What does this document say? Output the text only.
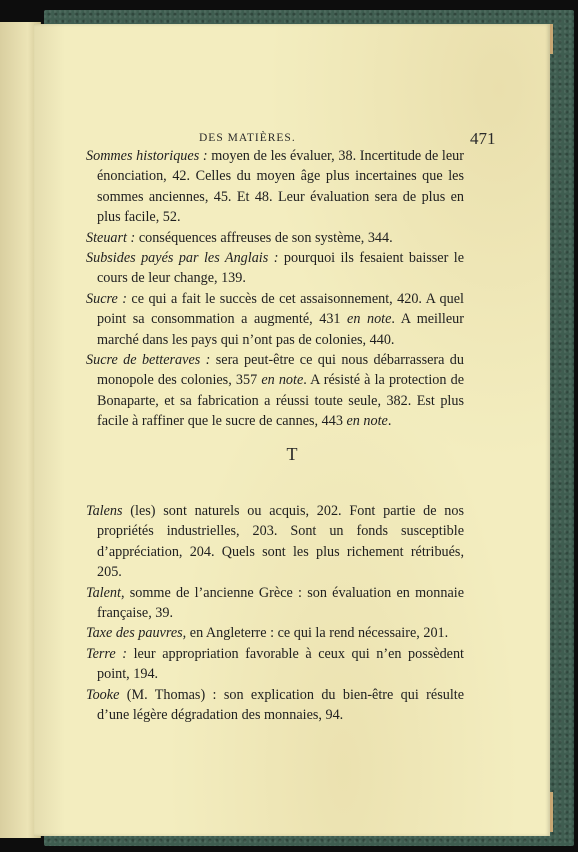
DES MATIÈRES.	471

Sommes historiques : moyen de les évaluer, 38. Incertitude de leur énonciation, 42. Celles du moyen âge plus incertaines que les sommes anciennes, 45. Et 48. Leur évaluation sera de plus en plus facile, 52.

Steuart : conséquences affreuses de son système, 344.

Subsides payés par les Anglais : pourquoi ils fesaient baisser le cours de leur change, 139.

Sucre : ce qui a fait le succès de cet assaisonnement, 420. A quel point sa consommation a augmenté, 431 en note. A meilleur marché dans les pays qui n’ont pas de colonies, 440.

Sucre de betteraves : sera peut-être ce qui nous débarrassera du monopole des colonies, 357 en note. A résisté à la protection de Bonaparte, et sa fabrication a réussi toute seule, 382. Est plus facile à raffiner que le sucre de cannes, 443 en note.

T

Talens (les) sont naturels ou acquis, 202. Font partie de nos propriétés industrielles, 203. Sont un fonds susceptible d’appréciation, 204. Quels sont les plus richement rétribués, 205.

Talent, somme de l’ancienne Grèce : son évaluation en monnaie française, 39.

Taxe des pauvres, en Angleterre : ce qui la rend nécessaire, 201.

Terre : leur appropriation favorable à ceux qui n’en possèdent point, 194.

Tooke (M. Thomas) : son explication du bien-être qui résulte d’une légère dégradation des monnaies, 94.
